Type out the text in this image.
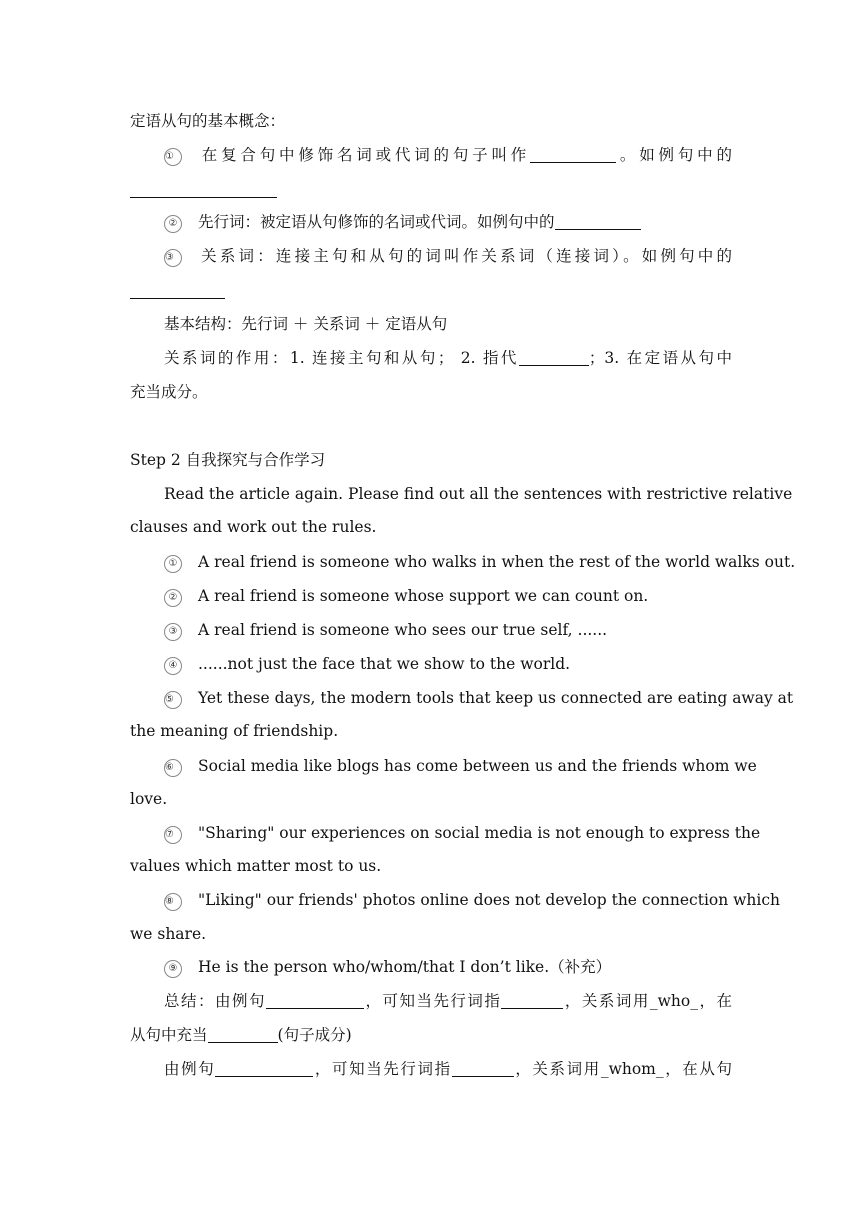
定语从句的基本概念：
① 在复合句中修饰名词或代词的句子叫作	。如例句中的
② 先行词：被定语从句修饰的名词或代词。如例句中的
③ 关系词：连接主句和从句的词叫作关系词（连接词）。如例句中的
基本结构：先行词 ＋ 关系词 ＋ 定语从句
关系词的作用：1. 连接主句和从句； 2. 指代	；3. 在定语从句中
充当成分。
Step 2 自我探究与合作学习
Read the article again. Please find out all the sentences with restrictive relative
clauses and work out the rules.
① A real friend is someone who walks in when the rest of the world walks out.
② A real friend is someone whose support we can count on.
③ A real friend is someone who sees our true self, ......
④ ......not just the face that we show to the world.
⑤ Yet these days, the modern tools that keep us connected are eating away at
the meaning of friendship.
⑥ Social media like blogs has come between us and the friends whom we
love.
⑦ "Sharing" our experiences on social media is not enough to express the
values which matter most to us.
⑧ "Liking" our friends' photos online does not develop the connection which
we share.
⑨ He is the person who/whom/that I don’t like.（补充）
总结：由例句	，可知当先行词指	，关系词用_who_，在
从句中充当	(句子成分)
由例句	，可知当先行词指	，关系词用_whom_，在从句
